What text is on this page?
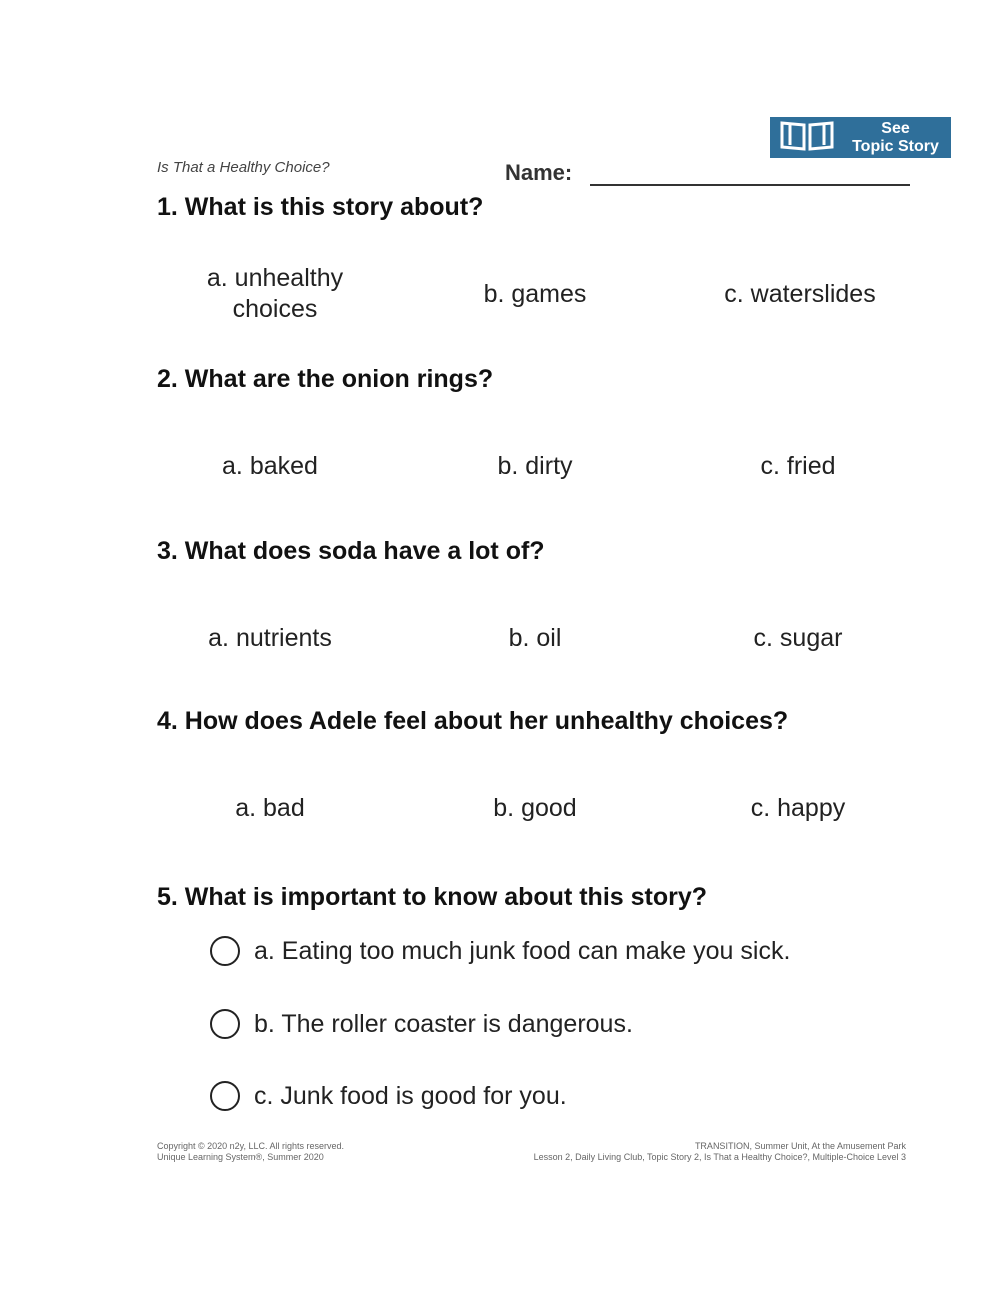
Is That a Healthy Choice?	Name:
See
Topic Story
1. What is this story about?
a. unhealthy choices
b. games	c. waterslides
2. What are the onion rings?
a. baked	b. dirty	c. fried
3. What does soda have a lot of?
a. nutrients	b. oil	c. sugar
4. How does Adele feel about her unhealthy choices?
a. bad	b. good	c. happy
5. What is important to know about this story?
a. Eating too much junk food can make you sick.
b. The roller coaster is dangerous.
c. Junk food is good for you.
Copyright © 2020 n2y, LLC. All rights reserved.
Unique Learning System®, Summer 2020
TRANSITION, Summer Unit, At the Amusement Park
Lesson 2, Daily Living Club, Topic Story 2, Is That a Healthy Choice?, Multiple-Choice Level 3
